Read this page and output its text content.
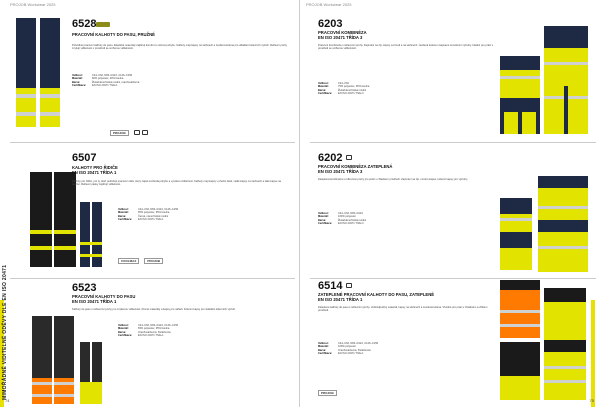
PROJOB Workwear 2025
MIMOŘÁDNĚ VIDITELNÉ ODĚVY DLE EN ISO 20471
74
6528
PRACOVNÍ KALHOTY DO PASU, PRUŽNÉ
Pohodlné pracovní kalhoty do pasu. Elastické materiály zajišťují komfort a volnost pohybu. Kalhoty mají kapsy na stehnech a zesílená kolena pro vkládání kolenních výztuh. Reflexní pruhy zvyšují viditelnost v prostředí se sníženou viditelností.
Velikost:	C44–C62, D84–D124, C146–C156
Materiál:	60% polyester, 40% bavlna
Barva:	Žlutá/námořnická modrá, oranžová/černá
Certifikace:	EN ISO 20471 Třída 1
PROJOB
6507
KALHOTY PRO ŘIDIČE
EN ISO 20471 TŘÍDA 1
Kalhoty pro řidiče, pro ty, kteří potřebují pracovní oděv, který zajistí svoboda pohybu a vysokou viditelnost. Kalhoty mají kapsy v přední části, velké kapsy na stehnech a také kapsu na telefon. Reflexní pásky zajišťují viditelnost.
Velikost:	C44–C62, D84–D124, C146–C156
Materiál:	65% polyester, 35% bavlna
Barva:	Černá, námořnická modrá
Certifikace:	EN ISO 20471 Třída 1
COOLMAX	PROJOB
6523
PRACOVNÍ KALHOTY DO PASU
EN ISO 20471 TŘÍDA 1
Kalhoty do pasu s reflexními pruhy pro zvýšenou viditelnost. Pevné materiály a kapsy pro nářadí. Kolenní kapsy pro vkládání kolenních výztuh.
Velikost:	C44–C62, D84–D124, C146–C156
Materiál:	65% polyester, 35% bavlna
Barva:	Oranžová/černá, žlutá/černá
Certifikace:	EN ISO 20471 Třída 1
PROJOB Workwear 2025
6203
PRACOVNÍ KOMBINÉZA
EN ISO 20471 TŘÍDA 3
Pracovní kombinéza s reflexními pruhy. Zapínání na zip, kapsy na hrudi a na stehnech, zesílená kolena s kapsami na kolenní výztuhy. Ideální pro práci v prostředí se sníženou viditelností.
Velikost:	C44–C62
Materiál:	75% polyester, 25% bavlna
Barva:	Žlutá/námořnická modrá
Certifikace:	EN ISO 20471 Třída 3
6202
PRACOVNÍ KOMBINÉZA ZATEPLENÁ
EN ISO 20471 TŘÍDA 3
Zateplená kombinéza s reflexními pruhy pro práci v chladném prostředí. Zapínání na zip, mnoho kapes, kolenní kapsy pro výztuhy.
Velikost:	C44–C62, D84–D124
Materiál:	100% polyester
Barva:	Žlutá/námořnická modrá
Certifikace:	EN ISO 20471 Třída 3
6514
ZATEPLENÉ PRACOVNÍ KALHOTY DO PASU, ZATEPLENÉ
EN ISO 20471 TŘÍDA 1
Zateplené kalhoty do pasu s reflexními pruhy. Vodoodpudivý materiál, kapsy na stehnech a zesílená kolena. Vhodné pro práci v chladném a vlhkém prostředí.
Velikost:	C44–C62, D84–D124, C146–C156
Materiál:	100% polyester
Barva:	Oranžová/černá, žlutá/černá
Certifikace:	EN ISO 20471 Třída 1
PROJOB
75
